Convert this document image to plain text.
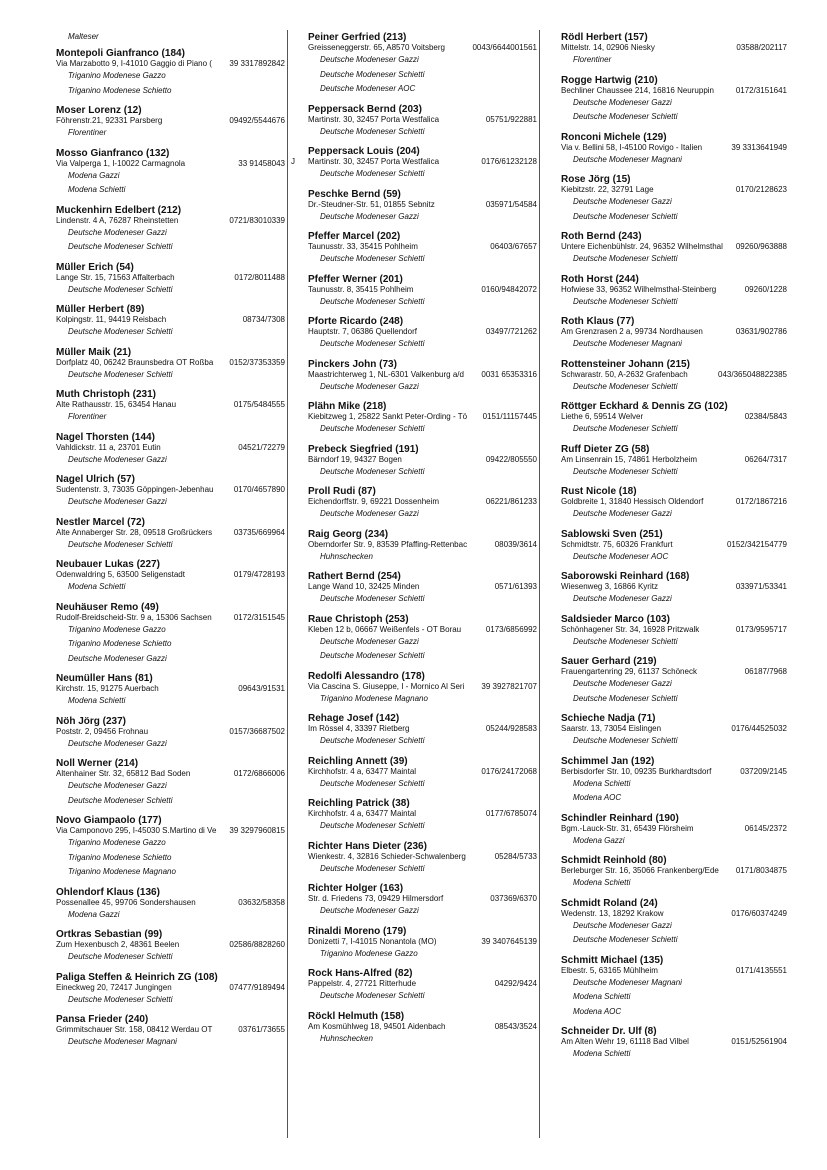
J
Malteser
Montepoli Gianfranco (184)
Via Marzabotto 9, I-41010 Gaggio di Piano (	39 3317892842
Triganino Modenese Gazzo
Triganino Modenese Schietto
Moser Lorenz (12)
Föhrenstr.21, 92331 Parsberg	09492/5544676
Florentiner
Mosso Gianfranco (132)
Via Valperga 1, I-10022 Carmagnola	33 91458043
Modena Gazzi
Modena Schietti
Muckenhirn Edelbert (212)
Lindenstr. 4 A, 76287 Rheinstetten	0721/83010339
Deutsche Modeneser Gazzi
Deutsche Modeneser Schietti
Müller Erich (54)
Lange Str. 15, 71563 Affalterbach	0172/8011488
Deutsche Modeneser Schietti
Müller Herbert (89)
Kolpingstr. 11, 94419 Reisbach	08734/7308
Deutsche Modeneser Schietti
Müller Maik (21)
Dorfplatz 40, 06242 Braunsbedra OT Roßba	0152/37353359
Deutsche Modeneser Schietti
Muth Christoph (231)
Alte Rathausstr. 15, 63454 Hanau	0175/5484555
Florentiner
Nagel Thorsten (144)
Vahldickstr. 11 a, 23701 Eutin	04521/72279
Deutsche Modeneser Gazzi
Nagel Ulrich (57)
Sudentenstr. 3, 73035 Göppingen-Jebenhau	0170/4657890
Deutsche Modeneser Gazzi
Nestler Marcel (72)
Alte Annaberger Str. 28, 09518 Großrückers	03735/669964
Deutsche Modeneser Schietti
Neubauer Lukas (227)
Odenwaldring 5, 63500 Seligenstadt	0179/4728193
Modena Schietti
Neuhäuser Remo (49)
Rudolf-Breidscheid-Str. 9 a, 15306 Sachsen	0172/3151545
Triganino Modenese Gazzo
Triganino Modenese Schietto
Deutsche Modeneser Gazzi
Neumüller Hans (81)
Kirchstr. 15, 91275 Auerbach	09643/91531
Modena Schietti
Nöh Jörg (237)
Poststr. 2, 09456 Frohnau	0157/36687502
Deutsche Modeneser Gazzi
Noll Werner (214)
Altenhainer Str. 32, 65812 Bad Soden	0172/6866006
Deutsche Modeneser Gazzi
Deutsche Modeneser Schietti
Novo Giampaolo (177)
Via Camponovo 295, I-45030 S.Martino di Ve	39 3297960815
Triganino Modenese Gazzo
Triganino Modenese Schietto
Triganino Modenese Magnano
Ohlendorf Klaus (136)
Possenallee 45, 99706 Sondershausen	03632/58358
Modena Gazzi
Ortkras Sebastian (99)
Zum Hexenbusch 2, 48361 Beelen	02586/8828260
Deutsche Modeneser Schietti
Paliga Steffen & Heinrich ZG (108)
Eineckweg 20, 72417 Jungingen	07477/9189494
Deutsche Modeneser Schietti
Pansa Frieder (240)
Grimmitschauer Str. 158, 08412 Werdau OT	03761/73655
Deutsche Modeneser Magnani
Peiner Gerfried (213)
Greisseneggerstr. 65, A8570 Voitsberg	0043/6644001561
Deutsche Modeneser Gazzi
Deutsche Modeneser Schietti
Deutsche Modeneser AOC
Peppersack Bernd (203)
Martinstr. 30, 32457 Porta Westfalica	05751/922881
Deutsche Modeneser Schietti
Peppersack Louis (204)
Martinstr. 30, 32457 Porta Westfalica	0176/61232128
Deutsche Modeneser Schietti
Peschke Bernd (59)
Dr.-Steudner-Str. 51, 01855 Sebnitz	035971/54584
Deutsche Modeneser Gazzi
Pfeffer Marcel (202)
Taunusstr. 33, 35415 Pohlheim	06403/67657
Deutsche Modeneser Schietti
Pfeffer Werner (201)
Taunusstr. 8, 35415 Pohlheim	0160/94842072
Deutsche Modeneser Schietti
Pforte Ricardo (248)
Hauptstr. 7, 06386 Quellendorf	03497/721262
Deutsche Modeneser Schietti
Pinckers John (73)
Maastrichterweg 1, NL-6301 Valkenburg a/d	0031 65353316
Deutsche Modeneser Gazzi
Plähn Mike (218)
Kiebitzweg 1, 25822 Sankt Peter-Ording - Tö	0151/11157445
Deutsche Modeneser Schietti
Prebeck Siegfried (191)
Bärndorf 19, 94327 Bogen	09422/805550
Deutsche Modeneser Schietti
Proll Rudi (87)
Eichendorffstr. 9, 69221 Dossenheim	06221/861233
Deutsche Modeneser Gazzi
Raig Georg (234)
Oberndorfer Str. 9, 83539 Pfaffing-Rettenbac	08039/3614
Huhnschecken
Rathert Bernd (254)
Lange Wand 10, 32425 Minden	0571/61393
Deutsche Modeneser Schietti
Raue Christoph (253)
Kleben 12 b, 06667 Weißenfels - OT Borau	0173/6856992
Deutsche Modeneser Gazzi
Deutsche Modeneser Schietti
Redolfi Alessandro (178)
Via Cascina S. Giuseppe, I - Mornico Al Seri	39 3927821707
Triganino Modenese Magnano
Rehage Josef (142)
Im Rössel 4, 33397 Rietberg	05244/928583
Deutsche Modeneser Schietti
Reichling Annett (39)
Kirchhofstr. 4 a, 63477 Maintal	0176/24172068
Deutsche Modeneser Schietti
Reichling Patrick (38)
Kirchhofstr. 4 a, 63477 Maintal	0177/6785074
Deutsche Modeneser Schietti
Richter Hans Dieter (236)
Wienkestr. 4, 32816 Schieder-Schwalenberg	05284/5733
Deutsche Modeneser Schietti
Richter Holger (163)
Str. d. Friedens 73, 09429 Hilmersdorf	037369/6370
Deutsche Modeneser Gazzi
Rinaldi Moreno (179)
Donizetti 7, I-41015 Nonantola (MO)	39 3407645139
Triganino Modenese Gazzo
Rock Hans-Alfred (82)
Pappelstr. 4, 27721 Ritterhude	04292/9424
Deutsche Modeneser Schietti
Röckl Helmuth (158)
Am Kosmühlweg 18, 94501 Aidenbach	08543/3524
Huhnschecken
Rödl Herbert (157)
Mittelstr. 14, 02906 Niesky	03588/202117
Florentiner
Rogge Hartwig (210)
Bechliner Chaussee 214, 16816 Neuruppin	0172/3151641
Deutsche Modeneser Gazzi
Deutsche Modeneser Schietti
Ronconi Michele (129)
Via v. Bellini 58, I-45100 Rovigo - Italien	39 3313641949
Deutsche Modeneser Magnani
Rose Jörg (15)
Kiebitzstr. 22, 32791 Lage	0170/2128623
Deutsche Modeneser Gazzi
Deutsche Modeneser Schietti
Roth Bernd (243)
Untere Eichenbühlstr. 24, 96352 Wilhelmsthal	09260/963888
Deutsche Modeneser Schietti
Roth Horst (244)
Hofwiese 33, 96352 Wilhelmsthal-Steinberg	09260/1228
Deutsche Modeneser Schietti
Roth Klaus (77)
Am Grenzrasen 2 a, 99734 Nordhausen	03631/902786
Deutsche Modeneser Magnani
Rottensteiner Johann (215)
Schwarastr. 50, A-2632 Grafenbach	043/365048822385
Deutsche Modeneser Schietti
Röttger Eckhard & Dennis ZG (102)
Liethe 6, 59514 Welver	02384/5843
Deutsche Modeneser Schietti
Ruff Dieter ZG (58)
Am Linsenrain 15, 74861 Herbolzheim	06264/7317
Deutsche Modeneser Schietti
Rust Nicole (18)
Goldbreite 1, 31840 Hessisch Oldendorf	0172/1867216
Deutsche Modeneser Gazzi
Sablowski Sven (251)
Schmidtstr. 75, 60326 Frankfurt	0152/342154779
Deutsche Modeneser AOC
Saborowski Reinhard (168)
Wiesenweg 3, 16866 Kyritz	033971/53341
Deutsche Modeneser Gazzi
Saldsieder Marco (103)
Schönhagener Str. 34, 16928 Pritzwalk	0173/9595717
Deutsche Modeneser Schietti
Sauer Gerhard (219)
Frauengartenring 29, 61137 Schöneck	06187/7968
Deutsche Modeneser Gazzi
Deutsche Modeneser Schietti
Schieche Nadja (71)
Saarstr. 13, 73054 Eislingen	0176/44525032
Deutsche Modeneser Schietti
Schimmel Jan (192)
Berbisdorfer Str. 10, 09235 Burkhardtsdorf	037209/2145
Modena Schietti
Modena AOC
Schindler Reinhard (190)
Bgm.-Lauck-Str. 31, 65439 Flörsheim	06145/2372
Modena Gazzi
Schmidt Reinhold (80)
Berleburger Str. 16, 35066 Frankenberg/Ede	0171/8034875
Modena Schietti
Schmidt Roland (24)
Wedenstr. 13, 18292 Krakow	0176/60374249
Deutsche Modeneser Gazzi
Deutsche Modeneser Schietti
Schmitt Michael (135)
Elbestr. 5, 63165 Mühlheim	0171/4135551
Deutsche Modeneser Magnani
Modena Schietti
Modena AOC
Schneider Dr. Ulf (8)
Am Alten Wehr 19, 61118 Bad Vilbel	0151/52561904
Modena Schietti
